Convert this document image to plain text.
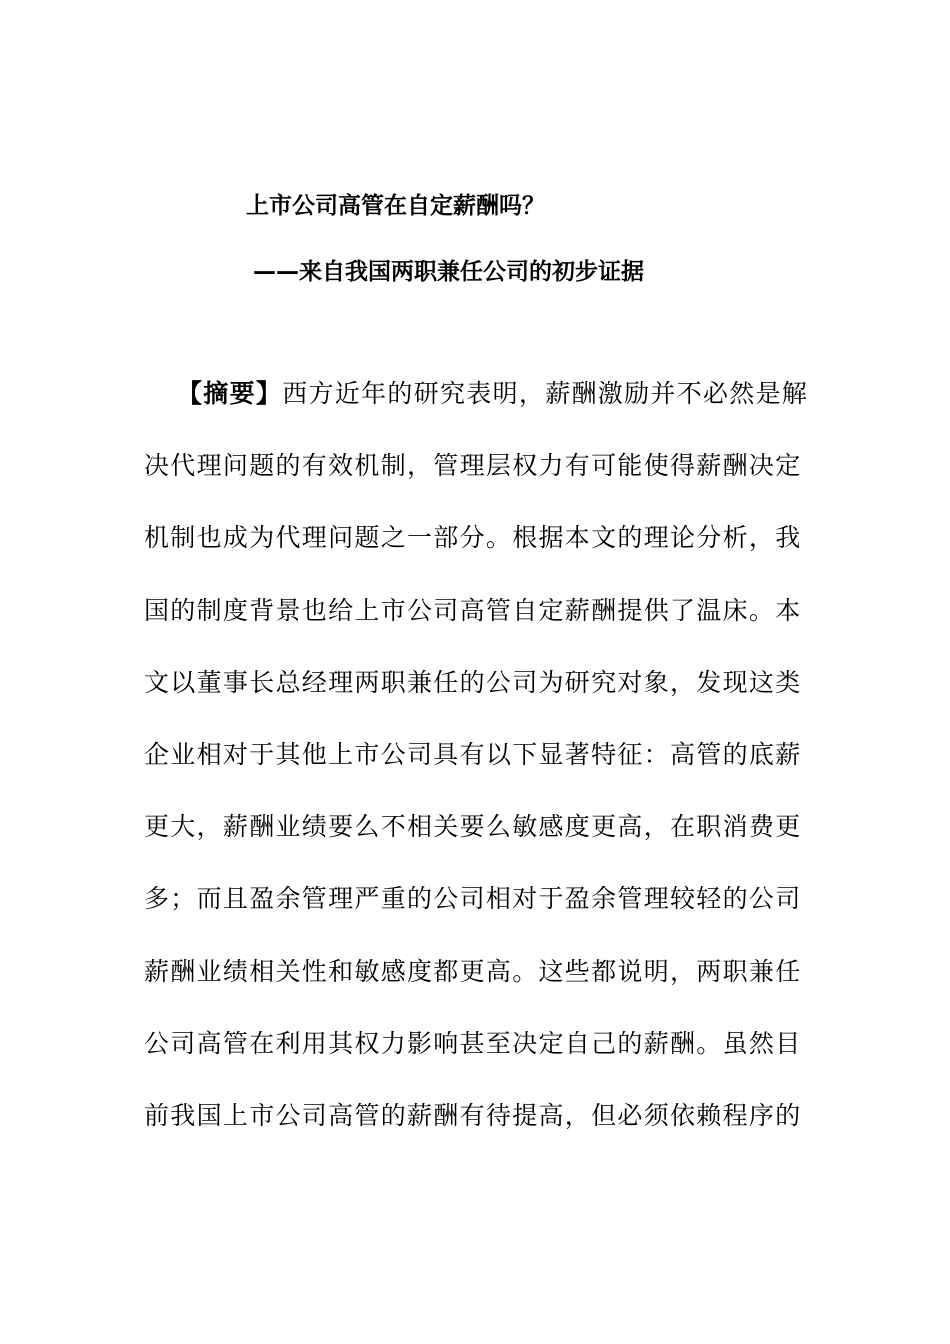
上市公司高管在自定薪酬吗？
——来自我国两职兼任公司的初步证据
【摘要】西方近年的研究表明，薪酬激励并不必然是解
决代理问题的有效机制，管理层权力有可能使得薪酬决定
机制也成为代理问题之一部分。根据本文的理论分析，我
国的制度背景也给上市公司高管自定薪酬提供了温床。本
文以董事长总经理两职兼任的公司为研究对象，发现这类
企业相对于其他上市公司具有以下显著特征：高管的底薪
更大，薪酬业绩要么不相关要么敏感度更高，在职消费更
多；而且盈余管理严重的公司相对于盈余管理较轻的公司
薪酬业绩相关性和敏感度都更高。这些都说明，两职兼任
公司高管在利用其权力影响甚至决定自己的薪酬。虽然目
前我国上市公司高管的薪酬有待提高，但必须依赖程序的
